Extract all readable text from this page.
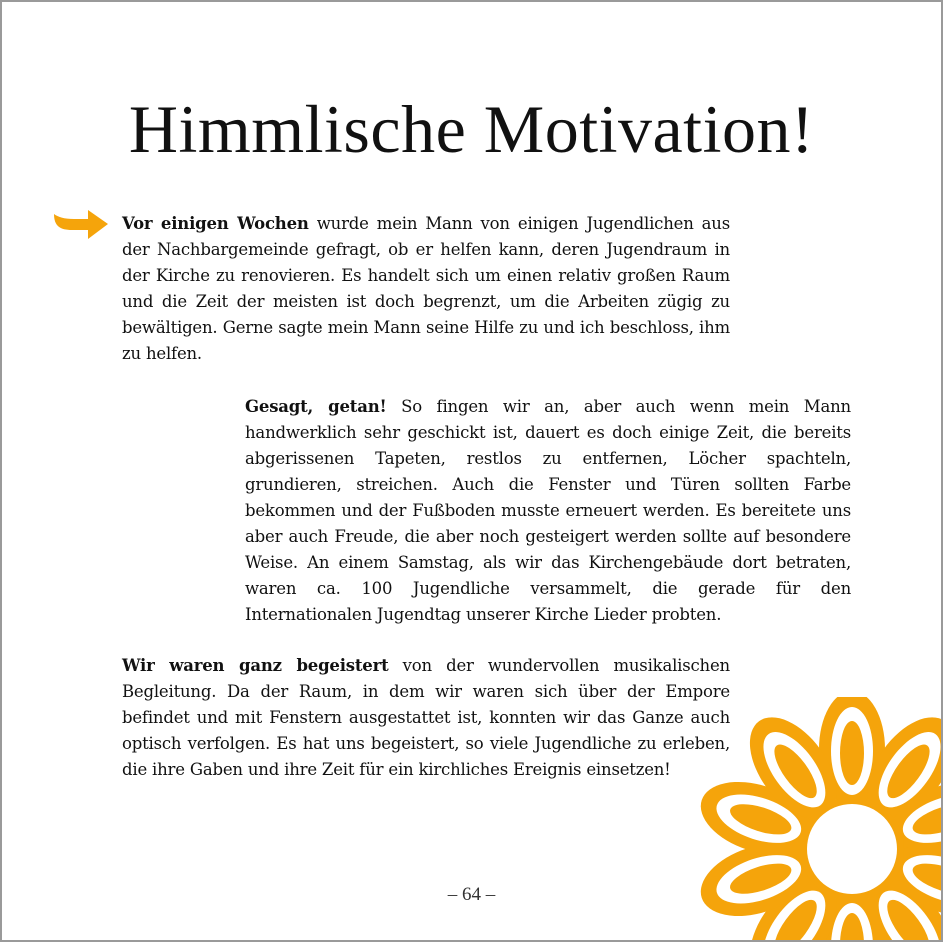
Himmlische Motivation!
Vor einigen Wochen wurde mein Mann von einigen Jugendlichen aus der Nachbargemeinde gefragt, ob er helfen kann, deren Jugendraum in der Kirche zu renovieren. Es handelt sich um einen relativ großen Raum und die Zeit der meisten ist doch begrenzt, um die Arbeiten zügig zu bewältigen. Gerne sagte mein Mann seine Hilfe zu und ich beschloss, ihm zu helfen.
Gesagt, getan! So fingen wir an, aber auch wenn mein Mann handwerklich sehr geschickt ist, dauert es doch einige Zeit, die bereits abgerissenen Tapeten, restlos zu entfernen, Löcher spachteln, grundieren, streichen. Auch die Fenster und Türen sollten Farbe bekommen und der Fußboden musste erneuert werden. Es bereitete uns aber auch Freude, die aber noch gesteigert werden sollte auf besondere Weise. An einem Samstag, als wir das Kirchengebäude dort betraten, waren ca. 100 Jugendliche versammelt, die gerade für den Internationalen Jugendtag unserer Kirche Lieder probten.
Wir waren ganz begeistert von der wundervollen musikalischen Begleitung. Da der Raum, in dem wir waren sich über der Empore befindet und mit Fenstern ausgestattet ist, konnten wir das Ganze auch optisch verfolgen. Es hat uns begeistert, so viele Jugendliche zu erleben, die ihre Gaben und ihre Zeit für ein kirchliches Ereignis einsetzen!
– 64 –
